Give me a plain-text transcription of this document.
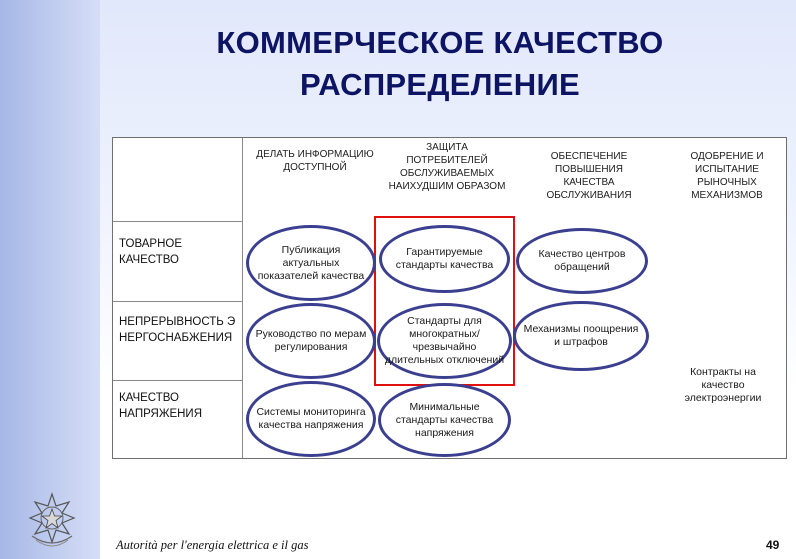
КОММЕРЧЕСКОЕ КАЧЕСТВО
РАСПРЕДЕЛЕНИЕ
ДЕЛАТЬ ИНФОРМАЦИЮ ДОСТУПНОЙ
ЗАЩИТА ПОТРЕБИТЕЛЕЙ ОБСЛУЖИВАЕМЫХ НАИХУДШИМ ОБРАЗОМ
ОБЕСПЕЧЕНИЕ ПОВЫШЕНИЯ КАЧЕСТВА ОБСЛУЖИВАНИЯ
ОДОБРЕНИЕ И ИСПЫТАНИЕ РЫНОЧНЫХ МЕХАНИЗМОВ
ТОВАРНОЕ КАЧЕСТВО
НЕПРЕРЫВНОСТЬ ЭНЕРГОСНАБЖЕНИЯ
КАЧЕСТВО НАПРЯЖЕНИЯ
Публикация актуальных показателей качества
Гарантируемые стандарты качества
Качество центров обращений
Руководство по мерам регулирования
Стандарты для многократных/чрезвычайно длительных отключений
Механизмы поощрения и штрафов
Системы мониторинга качества напряжения
Минимальные стандарты качества напряжения
Контракты на качество электроэнергии
Autorità per l'energia elettrica e il gas	49
